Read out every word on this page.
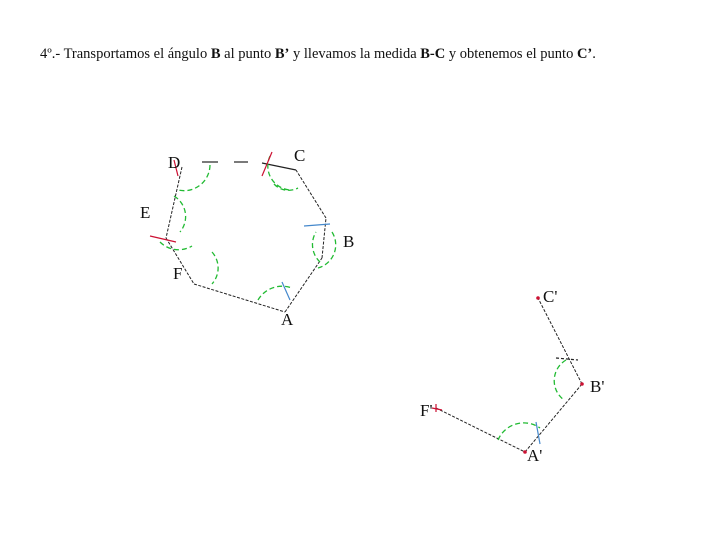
4º.- Transportamos el ángulo B al punto B’ y llevamos la medida B-C y obtenemos el punto C’.

A
B
C
D
E
F
A'
B'
C'
F'
